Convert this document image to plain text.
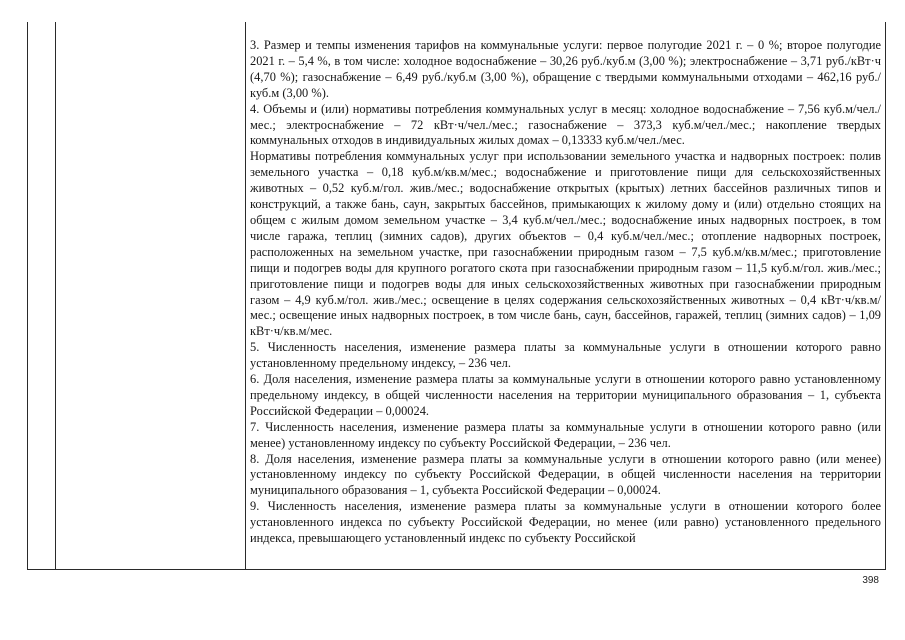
3. Размер и темпы изменения тарифов на коммунальные услуги: первое полугодие 2021 г. – 0 %; второе полугодие 2021 г. – 5,4 %, в том числе: холодное водоснабжение – 30,26 руб./куб.м (3,00 %); электроснабжение – 3,71 руб./кВт·ч (4,70 %); газоснабжение – 6,49 руб./куб.м (3,00 %), обращение с твердыми коммунальными отходами – 462,16 руб./куб.м (3,00 %).

4. Объемы и (или) нормативы потребления коммунальных услуг в месяц: холодное водоснабжение – 7,56 куб.м/чел./мес.; электроснабжение – 72 кВт·ч/чел./мес.; газоснабжение – 373,3 куб.м/чел./мес.; накопление твердых коммунальных отходов в индивидуальных жилых домах – 0,13333 куб.м/чел./мес.

Нормативы потребления коммунальных услуг при использовании земельного участка и надворных построек: полив земельного участка – 0,18 куб.м/кв.м/мес.; водоснабжение и приготовление пищи для сельскохозяйственных животных – 0,52 куб.м/гол. жив./мес.; водоснабжение открытых (крытых) летних бассейнов различных типов и конструкций, а также бань, саун, закрытых бассейнов, примыкающих к жилому дому и (или) отдельно стоящих на общем с жилым домом земельном участке – 3,4 куб.м/чел./мес.; водоснабжение иных надворных построек, в том числе гаража, теплиц (зимних садов), других объектов – 0,4 куб.м/чел./мес.; отопление надворных построек, расположенных на земельном участке, при газоснабжении природным газом – 7,5 куб.м/кв.м/мес.; приготовление пищи и подогрев воды для крупного рогатого скота при газоснабжении природным газом – 11,5 куб.м/гол. жив./мес.; приготовление пищи и подогрев воды для иных сельскохозяйственных животных при газоснабжении природным газом – 4,9 куб.м/гол. жив./мес.; освещение в целях содержания сельскохозяйственных животных – 0,4 кВт·ч/кв.м/мес.; освещение иных надворных построек, в том числе бань, саун, бассейнов, гаражей, теплиц (зимних садов) – 1,09 кВт·ч/кв.м/мес.

5. Численность населения, изменение размера платы за коммунальные услуги в отношении которого равно установленному предельному индексу, – 236 чел.

6. Доля населения, изменение размера платы за коммунальные услуги в отношении которого равно установленному предельному индексу, в общей численности населения на территории муниципального образования – 1, субъекта Российской Федерации – 0,00024.

7. Численность населения, изменение размера платы за коммунальные услуги в отношении которого равно (или менее) установленному индексу по субъекту Российской Федерации, – 236 чел.

8. Доля населения, изменение размера платы за коммунальные услуги в отношении которого равно (или менее) установленному индексу по субъекту Российской Федерации, в общей численности населения на территории муниципального образования – 1, субъекта Российской Федерации – 0,00024.

9. Численность населения, изменение размера платы за коммунальные услуги в отношении которого более установленного индекса по субъекту Российской Федерации, но менее (или равно) установленного предельного индекса, превышающего установленный индекс по субъекту Российской

398
